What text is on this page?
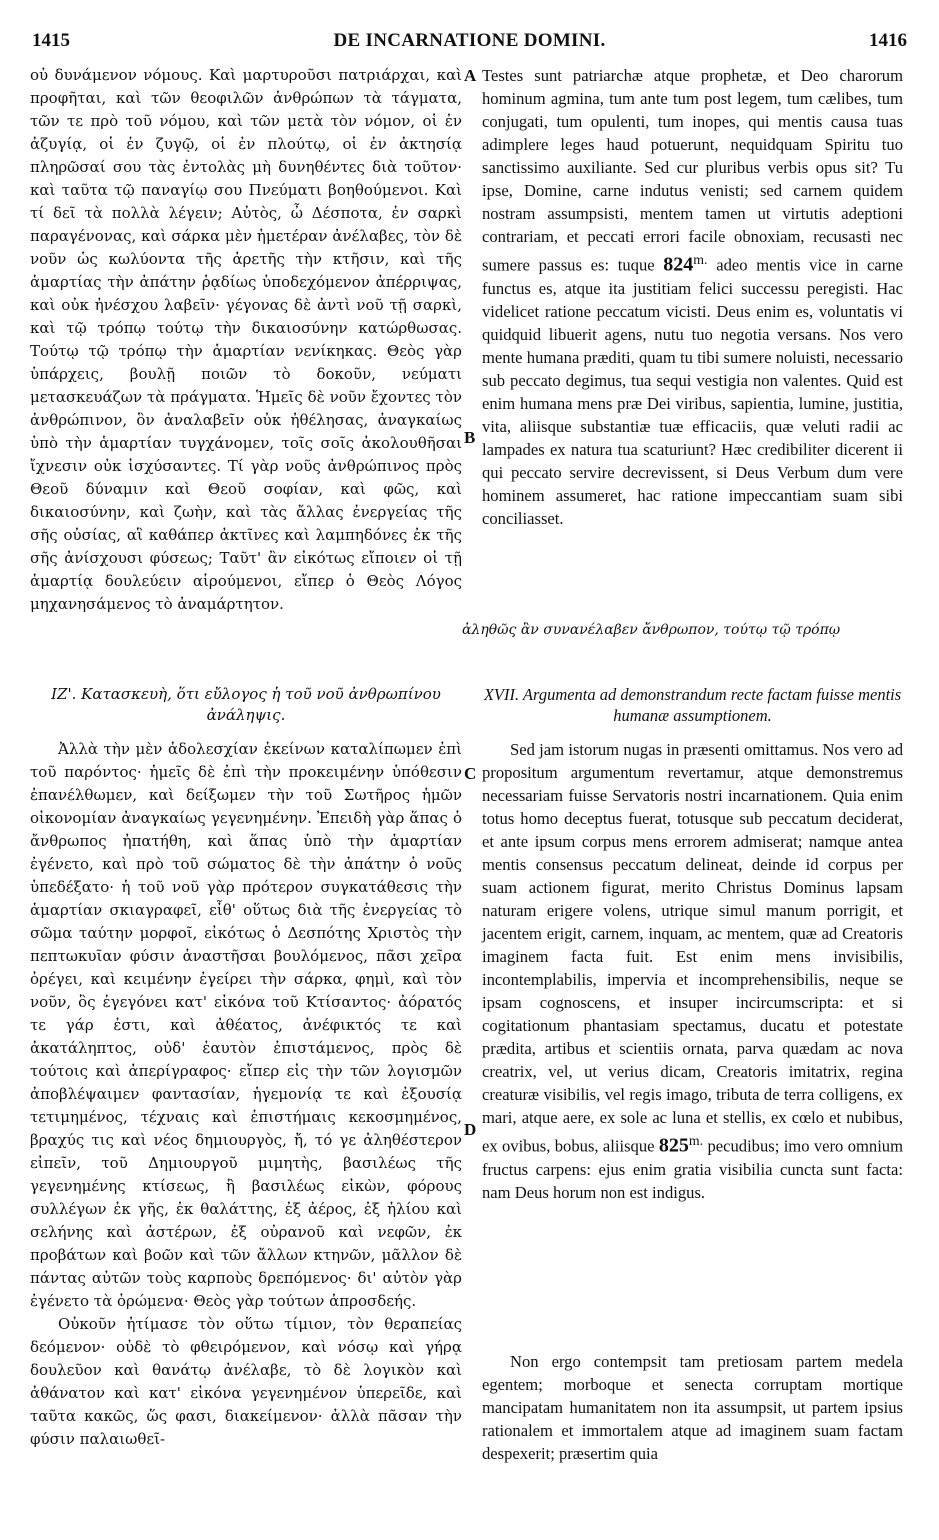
1415	DE INCARNATIONE DOMINI.	1416
οὐ δυνάμενον νόμους. Καὶ μαρτυροῦσι πατριάρχαι, καὶ προφῆται, καὶ τῶν θεοφιλῶν ἀνθρώπων τὰ τάγματα, τῶν τε πρὸ τοῦ νόμου, καὶ τῶν μετὰ τὸν νόμον, οἱ ἐν ἀζυγίᾳ, οἱ ἐν ζυγῷ, οἱ ἐν πλούτῳ, οἱ ἐν ἀκτησίᾳ πληρῶσαί σου τὰς ἐντολὰς μὴ δυνηθέντες διὰ τοῦτον· καὶ ταῦτα τῷ παναγίῳ σου Πνεύματι βοηθούμενοι. Καὶ τί δεῖ τὰ πολλὰ λέγειν; Αὐτὸς, ὦ Δέσποτα, ἐν σαρκὶ παραγένονας, καὶ σάρκα μὲν ἡμετέραν ἀνέλαβες, τὸν δὲ νοῦν ὡς κωλύοντα τῆς ἀρετῆς τὴν κτῆσιν, καὶ τῆς ἁμαρτίας τὴν ἀπάτην ῥᾳδίως ὑποδεχόμενον ἀπέρριψας, καὶ οὐκ ἠνέσχου λαβεῖν· γέγονας δὲ ἀντὶ νοῦ τῇ σαρκὶ, καὶ τῷ τρόπῳ τούτῳ τὴν δικαιοσύνην κατώρθωσας. Τούτῳ τῷ τρόπῳ τὴν ἁμαρτίαν νενίκηκας. Θεὸς γὰρ ὑπάρχεις, βουλῇ ποιῶν τὸ δοκοῦν, νεύματι μετασκευάζων τὰ πράγματα. Ἡμεῖς δὲ νοῦν ἔχοντες τὸν ἀνθρώπινον, ὃν ἀναλαβεῖν οὐκ ἠθέλησας, ἀναγκαίως ὑπὸ τὴν ἁμαρτίαν τυγχάνομεν, τοῖς σοῖς ἀκολουθῆσαι ἴχνεσιν οὐκ ἰσχύσαντες. Τί γὰρ νοῦς ἀνθρώπινος πρὸς Θεοῦ δύναμιν καὶ Θεοῦ σοφίαν, καὶ φῶς, καὶ δικαιοσύνην, καὶ ζωὴν, καὶ τὰς ἄλλας ἐνεργείας τῆς σῆς οὐσίας, αἳ καθάπερ ἀκτῖνες καὶ λαμπηδόνες ἐκ τῆς σῆς ἀνίσχουσι φύσεως; Ταῦτ' ἂν εἰκότως εἴποιεν οἱ τῇ ἁμαρτίᾳ δουλεύειν αἱρούμενοι, εἴπερ ὁ Θεὸς Λόγος μηχανησάμενος τὸ ἀναμάρτητον.
Testes sunt patriarchæ atque prophetæ, et Deo charorum hominum agmina, tum ante tum post legem, tum cælibes, tum conjugati, tum opulenti, tum inopes, qui mentis causa tuas adimplere leges haud potuerunt, nequidquam Spiritu tuo sanctissimo auxiliante. Sed cur pluribus verbis opus sit? Tu ipse, Domine, carne indutus venisti; sed carnem quidem nostram assumpsisti, mentem tamen ut virtutis adeptioni contrariam, et peccati errori facile obnoxiam, recusasti nec sumere passus es: tuque $824^{m.}$ adeo mentis vice in carne functus es, atque ita justitiam felici successu peregisti. Hac videlicet ratione peccatum vicisti. Deus enim es, voluntatis vi quidquid libuerit agens, nutu tuo negotia versans. Nos vero mente humana præditi, quam tu tibi sumere noluisti, necessario sub peccato degimus, tua sequi vestigia non valentes. Quid est enim humana mens præ Dei viribus, sapientia, lumine, justitia, vita, aliisque substantiæ tuæ efficaciis, quæ veluti radii ac lampades ex natura tua scaturiunt? Hæc credibiliter dicerent ii qui peccato servire decrevissent, si Deus Verbum dum vere hominem assumeret, hac ratione impeccantiam suam sibi conciliasset.
ἀληθῶς ἂν συνανέλαβεν ἄνθρωπον, τούτῳ τῷ τρόπῳ
A
B
C
D
ΙΖ'. Κατασκευὴ, ὅτι εὔλογος ἡ τοῦ νοῦ ἀνθρωπίνου ἀνάληψις.
XVII. Argumenta ad demonstrandum recte factam fuisse mentis humanæ assumptionem.

Ἀλλὰ τὴν μὲν ἀδολεσχίαν ἐκείνων καταλίπωμεν ἐπὶ τοῦ παρόντος· ἡμεῖς δὲ ἐπὶ τὴν προκειμένην ὑπόθεσιν ἐπανέλθωμεν, καὶ δείξωμεν τὴν τοῦ Σωτῆρος ἡμῶν οἰκονομίαν ἀναγκαίως γεγενημένην. Ἐπειδὴ γὰρ ἅπας ὁ ἄνθρωπος ἠπατήθη, καὶ ἅπας ὑπὸ τὴν ἁμαρτίαν ἐγένετο, καὶ πρὸ τοῦ σώματος δὲ τὴν ἀπάτην ὁ νοῦς ὑπεδέξατο· ἡ τοῦ νοῦ γὰρ πρότερον συγκατάθεσις τὴν ἁμαρτίαν σκιαγραφεῖ, εἶθ' οὕτως διὰ τῆς ἐνεργείας τὸ σῶμα ταύτην μορφοῖ, εἰκότως ὁ Δεσπότης Χριστὸς τὴν πεπτωκυῖαν φύσιν ἀναστῆσαι βουλόμενος, πᾶσι χεῖρα ὀρέγει, καὶ κειμένην ἐγείρει τὴν σάρκα, φημὶ, καὶ τὸν νοῦν, ὃς ἐγεγόνει κατ' εἰκόνα τοῦ Κτίσαντος· ἀόρατός τε γάρ ἐστι, καὶ ἀθέατος, ἀνέφικτός τε καὶ ἀκατάληπτος, οὐδ' ἑαυτὸν ἐπιστάμενος, πρὸς δὲ τούτοις καὶ ἀπερίγραφος· εἴπερ εἰς τὴν τῶν λογισμῶν ἀποβλέψαιμεν φαντασίαν, ἡγεμονίᾳ τε καὶ ἐξουσίᾳ τετιμημένος, τέχναις καὶ ἐπιστήμαις κεκοσμημένος, βραχύς τις καὶ νέος δημιουργὸς, ἤ, τό γε ἀληθέστερον εἰπεῖν, τοῦ Δημιουργοῦ μιμητὴς, βασιλέως τῆς γεγενημένης κτίσεως, ἢ βασιλέως εἰκὼν, φόρους συλλέγων ἐκ γῆς, ἐκ θαλάττης, ἐξ ἀέρος, ἐξ ἡλίου καὶ σελήνης καὶ ἀστέρων, ἐξ οὐρανοῦ καὶ νεφῶν, ἐκ προβάτων καὶ βοῶν καὶ τῶν ἄλλων κτηνῶν, μᾶλλον δὲ πάντας αὐτῶν τοὺς καρποὺς δρεπόμενος· δι' αὐτὸν γὰρ ἐγένετο τὰ ὁρώμενα· Θεὸς γὰρ τούτων ἀπροσδεής.

Οὐκοῦν ἠτίμασε τὸν οὕτω τίμιον, τὸν θεραπείας δεόμενον· οὐδὲ τὸ φθειρόμενον, καὶ νόσῳ καὶ γήρᾳ δουλεῦον καὶ θανάτῳ ἀνέλαβε, τὸ δὲ λογικὸν καὶ ἀθάνατον καὶ κατ' εἰκόνα γεγενημένον ὑπερεῖδε, καὶ ταῦτα κακῶς, ὥς φασι, διακείμενον· ἀλλὰ πᾶσαν τὴν φύσιν παλαιωθεῖ-

Sed jam istorum nugas in præsenti omittamus. Nos vero ad propositum argumentum revertamur, atque demonstremus necessariam fuisse Servatoris nostri incarnationem. Quia enim totus homo deceptus fuerat, totusque sub peccatum deciderat, et ante ipsum corpus mens errorem admiserat; namque antea mentis consensus peccatum delineat, deinde id corpus per suam actionem figurat, merito Christus Dominus lapsam naturam erigere volens, utrique simul manum porrigit, et jacentem erigit, carnem, inquam, ac mentem, quæ ad Creatoris imaginem facta fuit. Est enim mens invisibilis, incontemplabilis, impervia et incomprehensibilis, neque se ipsam cognoscens, et insuper incircumscripta: et si cogitationum phantasiam spectamus, ducatu et potestate prædita, artibus et scientiis ornata, parva quædam ac nova creatrix, vel, ut verius dicam, Creatoris imitatrix, regina creaturæ visibilis, vel regis imago, tributa de terra colligens, ex mari, atque aere, ex sole ac luna et stellis, ex cœlo et nubibus, ex ovibus, bobus, aliisque $825^{m.}$ pecudibus; imo vero omnium fructus carpens: ejus enim gratia visibilia cuncta sunt facta: nam Deus horum non est indigus.

Non ergo contempsit tam pretiosam partem medela egentem; morboque et senecta corruptam mortique mancipatam humanitatem non ita assumpsit, ut partem ipsius rationalem et immortalem atque ad imaginem suam factam despexerit; præsertim quia
